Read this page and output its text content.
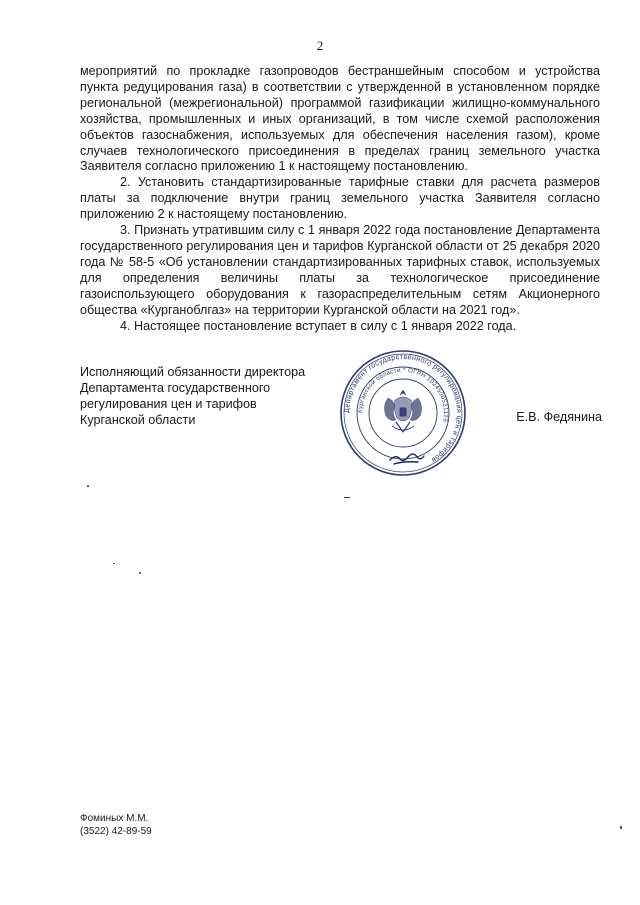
2

мероприятий по прокладке газопроводов бестраншейным способом и устройства пункта редуцирования газа) в соответствии с утвержденной в установленном порядке региональной (межрегиональной) программой газификации жилищно-коммунального хозяйства, промышленных и иных организаций, в том числе схемой расположения объектов газоснабжения, используемых для обеспечения населения газом), кроме случаев технологического присоединения в пределах границ земельного участка Заявителя согласно приложению 1 к настоящему постановлению.

2. Установить стандартизированные тарифные ставки для расчета размеров платы за подключение внутри границ земельного участка Заявителя согласно приложению 2 к настоящему постановлению.

3. Признать утратившим силу с 1 января 2022 года постановление Департамента государственного регулирования цен и тарифов Курганской области от 25 декабря 2020 года № 58-5 «Об установлении стандартизированных тарифных ставок, используемых для определения величины платы за технологическое присоединение газоиспользующего оборудования к газораспределительным сетям Акционерного общества «Курганоблгаз» на территории Курганской области на 2021 год».

4. Настоящее постановление вступает в силу с 1 января 2022 года.

Исполняющий обязанности директора
Департамента государственного
регулирования цен и тарифов
Курганской области
Департамент государственного регулирования цен и тарифов
Курганской области * ОГРН 1024500531129	Е.В. Федянина
Фоминых М.М.
(3522) 42-89-59
